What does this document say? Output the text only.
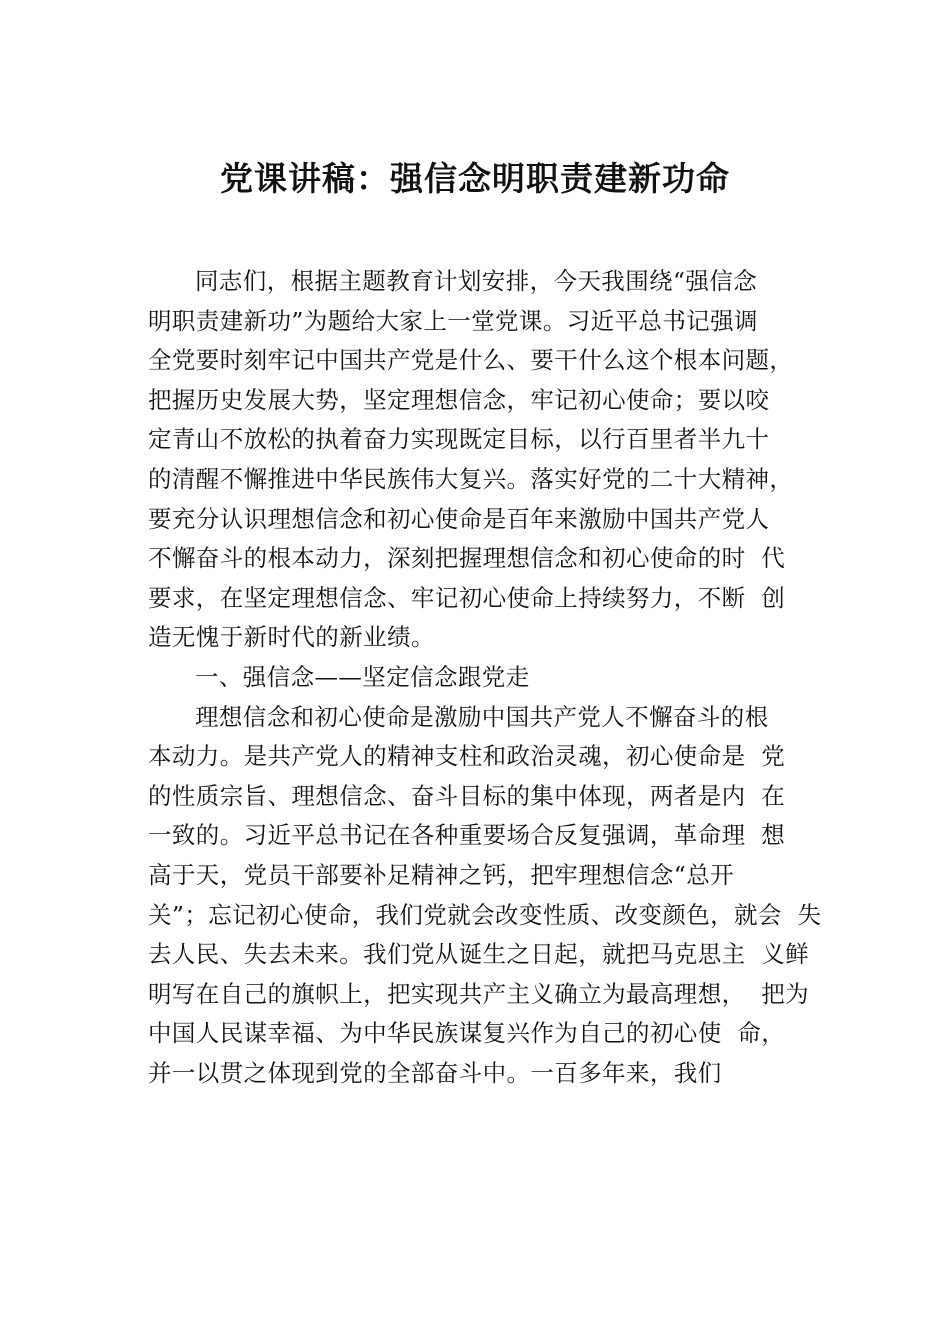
党课讲稿：强信念明职责建新功命
同志们，根据主题教育计划安排，今天我围绕“强信念
明职责建新功”为题给大家上一堂党课。习近平总书记强调
全党要时刻牢记中国共产党是什么、要干什么这个根本问题，
把握历史发展大势，坚定理想信念，牢记初心使命；要以咬
定青山不放松的执着奋力实现既定目标，以行百里者半九十
的清醒不懈推进中华民族伟大复兴。落实好党的二十大精神，
要充分认识理想信念和初心使命是百年来激励中国共产党人
不懈奋斗的根本动力，深刻把握理想信念和初心使命的时  代
要求，在坚定理想信念、牢记初心使命上持续努力，不断  创
造无愧于新时代的新业绩。
一、强信念——坚定信念跟党走
理想信念和初心使命是激励中国共产党人不懈奋斗的根
本动力。是共产党人的精神支柱和政治灵魂，初心使命是  党
的性质宗旨、理想信念、奋斗目标的集中体现，两者是内  在
一致的。习近平总书记在各种重要场合反复强调，革命理  想
高于天，党员干部要补足精神之钙，把牢理想信念“总开
关”；忘记初心使命，我们党就会改变性质、改变颜色，就会  失
去人民、失去未来。我们党从诞生之日起，就把马克思主  义鲜
明写在自己的旗帜上，把实现共产主义确立为最高理想，  把为
中国人民谋幸福、为中华民族谋复兴作为自己的初心使  命，
并一以贯之体现到党的全部奋斗中。一百多年来，我们
